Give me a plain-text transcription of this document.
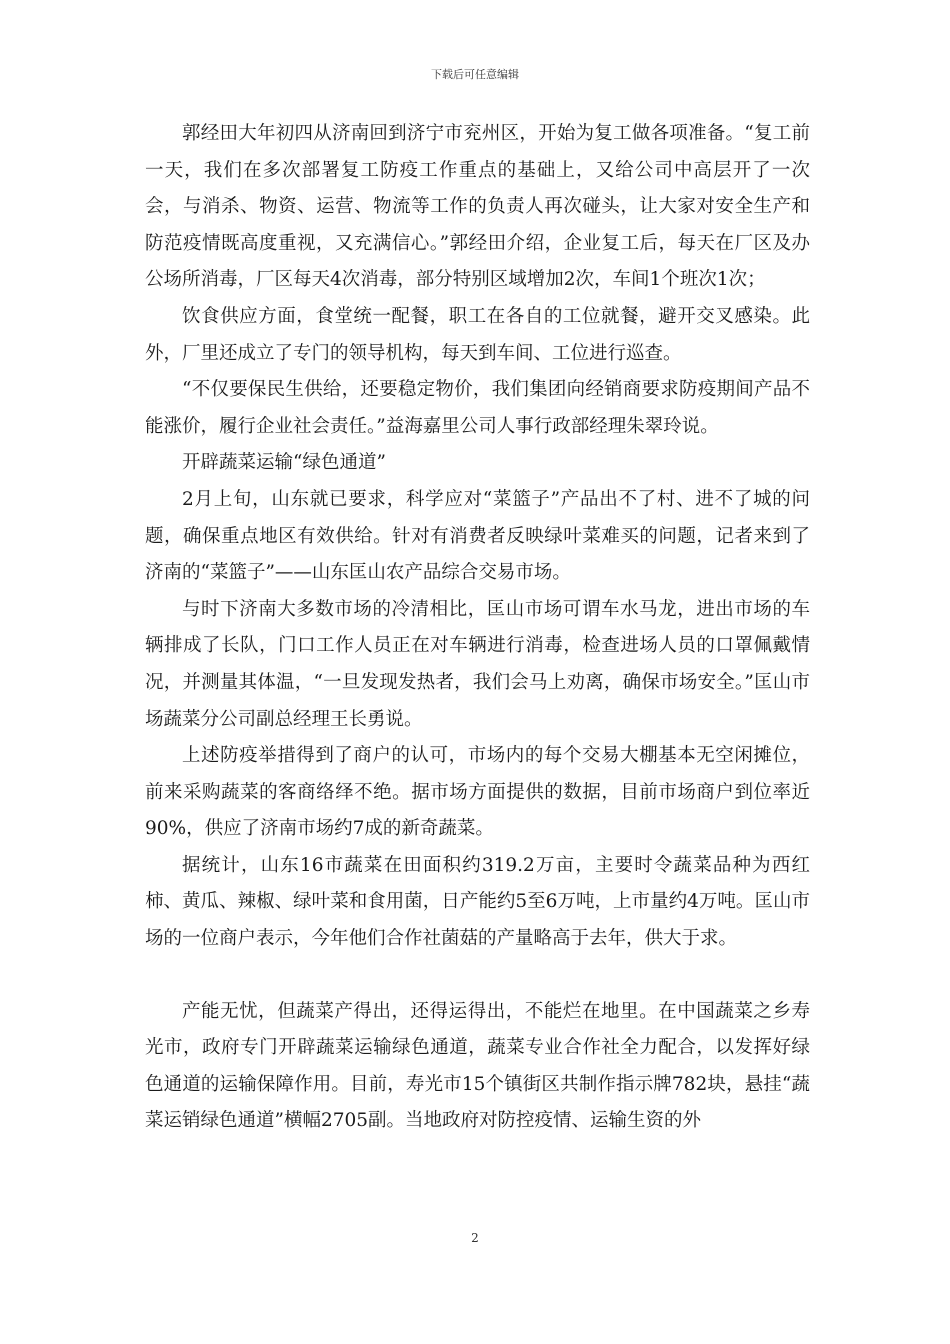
下载后可任意编辑

郭经田大年初四从济南回到济宁市兖州区，开始为复工做各项准备。“复工前一天，我们在多次部署复工防疫工作重点的基础上，又给公司中高层开了一次会，与消杀、物资、运营、物流等工作的负责人再次碰头，让大家对安全生产和防范疫情既高度重视，又充满信心。”郭经田介绍，企业复工后，每天在厂区及办公场所消毒，厂区每天4次消毒，部分特别区域增加2次，车间1个班次1次；

饮食供应方面，食堂统一配餐，职工在各自的工位就餐，避开交叉感染。此外，厂里还成立了专门的领导机构，每天到车间、工位进行巡查。

“不仅要保民生供给，还要稳定物价，我们集团向经销商要求防疫期间产品不能涨价，履行企业社会责任。”益海嘉里公司人事行政部经理朱翠玲说。

开辟蔬菜运输“绿色通道”

2月上旬，山东就已要求，科学应对“菜篮子”产品出不了村、进不了城的问题，确保重点地区有效供给。针对有消费者反映绿叶菜难买的问题，记者来到了济南的“菜篮子”——山东匡山农产品综合交易市场。

与时下济南大多数市场的冷清相比，匡山市场可谓车水马龙，进出市场的车辆排成了长队，门口工作人员正在对车辆进行消毒，检查进场人员的口罩佩戴情况，并测量其体温，“一旦发现发热者，我们会马上劝离，确保市场安全。”匡山市场蔬菜分公司副总经理王长勇说。

上述防疫举措得到了商户的认可，市场内的每个交易大棚基本无空闲摊位，前来采购蔬菜的客商络绎不绝。据市场方面提供的数据，目前市场商户到位率近90%，供应了济南市场约7成的新奇蔬菜。

据统计，山东16市蔬菜在田面积约319.2万亩，主要时令蔬菜品种为西红柿、黄瓜、辣椒、绿叶菜和食用菌，日产能约5至6万吨，上市量约4万吨。匡山市场的一位商户表示，今年他们合作社菌菇的产量略高于去年，供大于求。

产能无忧，但蔬菜产得出，还得运得出，不能烂在地里。在中国蔬菜之乡寿光市，政府专门开辟蔬菜运输绿色通道，蔬菜专业合作社全力配合，以发挥好绿色通道的运输保障作用。目前，寿光市15个镇街区共制作指示牌782块，悬挂“蔬菜运销绿色通道”横幅2705副。当地政府对防控疫情、运输生资的外

2
